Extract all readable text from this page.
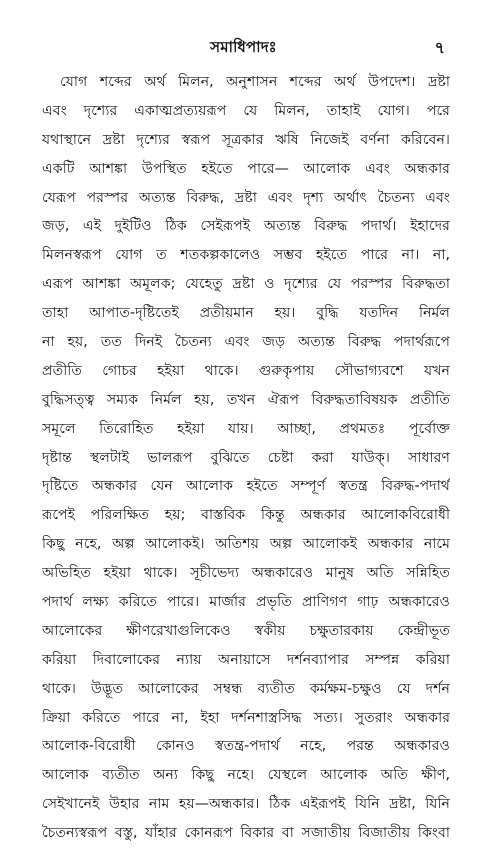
সমাধিপাদঃ	৭
যোগ শব্দের অর্থ মিলন, অনুশাসন শব্দের অর্থ উপদেশ। দ্রষ্টা
এবং দৃশ্যের একাত্মপ্রত্যয়রূপ যে মিলন, তাহাই যোগ। পরে
যথাস্থানে দ্রষ্টা দৃশ্যের স্বরূপ সূত্রকার ঋষি নিজেই বর্ণনা করিবেন।
একটি আশঙ্কা উপস্থিত হইতে পারে— আলোক এবং অন্ধকার
যেরূপ পরস্পর অত্যন্ত বিরুদ্ধ, দ্রষ্টা এবং দৃশ্য অর্থাৎ চৈতন্য এবং
জড়, এই দুইটিও ঠিক সেইরূপই অত্যন্ত বিরুদ্ধ পদার্থ। ইহাদের
মিলনস্বরূপ যোগ ত শতকল্পকালেও সম্ভব হইতে পারে না। না,
এরূপ আশঙ্কা অমূলক; যেহেতু দ্রষ্টা ও দৃশ্যের যে পরস্পর বিরুদ্ধতা
তাহা আপাত-দৃষ্টিতেই প্রতীয়মান হয়। বুদ্ধি যতদিন নির্মল
না হয়, তত দিনই চৈতন্য এবং জড় অত্যন্ত বিরুদ্ধ পদার্থরূপে
প্রতীতি গোচর হইয়া থাকে। গুরুকৃপায় সৌভাগ্যবশে যখন
বুদ্ধিসত্ত্ব সম্যক নির্মল হয়, তখন ঐরূপ বিরুদ্ধতাবিষয়ক প্রতীতি
সমূলে তিরোহিত হইয়া যায়। আচ্ছা, প্রথমতঃ পূর্বোক্ত
দৃষ্টান্ত স্থলটাই ভালরূপ বুঝিতে চেষ্টা করা যাউক্। সাধারণ
দৃষ্টিতে অন্ধকার যেন আলোক হইতে সম্পূর্ণ স্বতন্ত্র বিরুদ্ধ-পদার্থ
রূপেই পরিলক্ষিত হয়; বাস্তবিক কিন্তু অন্ধকার আলোকবিরোধী
কিছু নহে, অল্প আলোকই। অতিশয় অল্প আলোকই অন্ধকার নামে
অভিহিত হইয়া থাকে। সূচীভেদ্য অন্ধকারেও মানুষ অতি সন্নিহিত
পদার্থ লক্ষ্য করিতে পারে। মার্জার প্রভৃতি প্রাণিগণ গাঢ় অন্ধকারেও
আলোকের ক্ষীণরেখাগুলিকেও স্বকীয় চক্ষুতারকায় কেন্দ্রীভূত
করিয়া দিবালোকের ন্যায় অনায়াসে দর্শনব্যাপার সম্পন্ন করিয়া
থাকে। উদ্ভূত আলোকের সম্বন্ধ ব্যতীত কর্মক্ষম-চক্ষুও যে দর্শন
ক্রিয়া করিতে পারে না, ইহা দর্শনশাস্ত্রসিদ্ধ সত্য। সুতরাং অন্ধকার
আলোক-বিরোধী কোনও স্বতন্ত্র-পদার্থ নহে, পরন্ত অন্ধকারও
আলোক ব্যতীত অন্য কিছু নহে। যেস্থলে আলোক অতি ক্ষীণ,
সেইখানেই উহার নাম হয়—অন্ধকার। ঠিক এইরূপই যিনি দ্রষ্টা, যিনি
চৈতন্যস্বরূপ বস্তু, যাঁহার কোনরূপ বিকার বা সজাতীয় বিজাতীয় কিংবা
